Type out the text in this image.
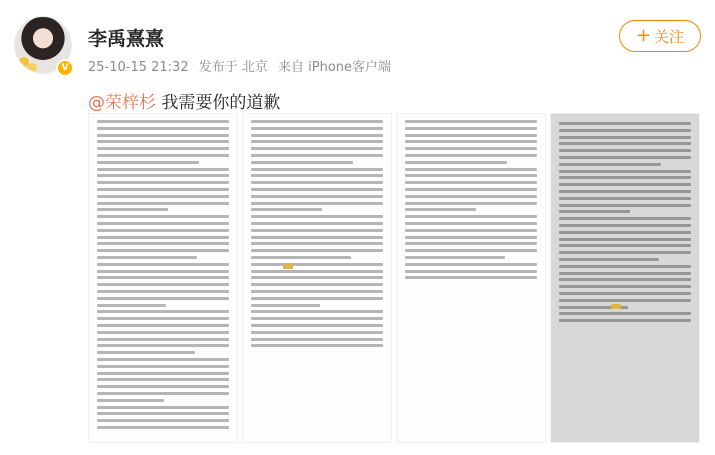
V
李禹熹熹
25-10-15 21:32 发布于 北京 来自 iPhone客户端
+ 关注
@荣梓杉 我需要你的道歉
